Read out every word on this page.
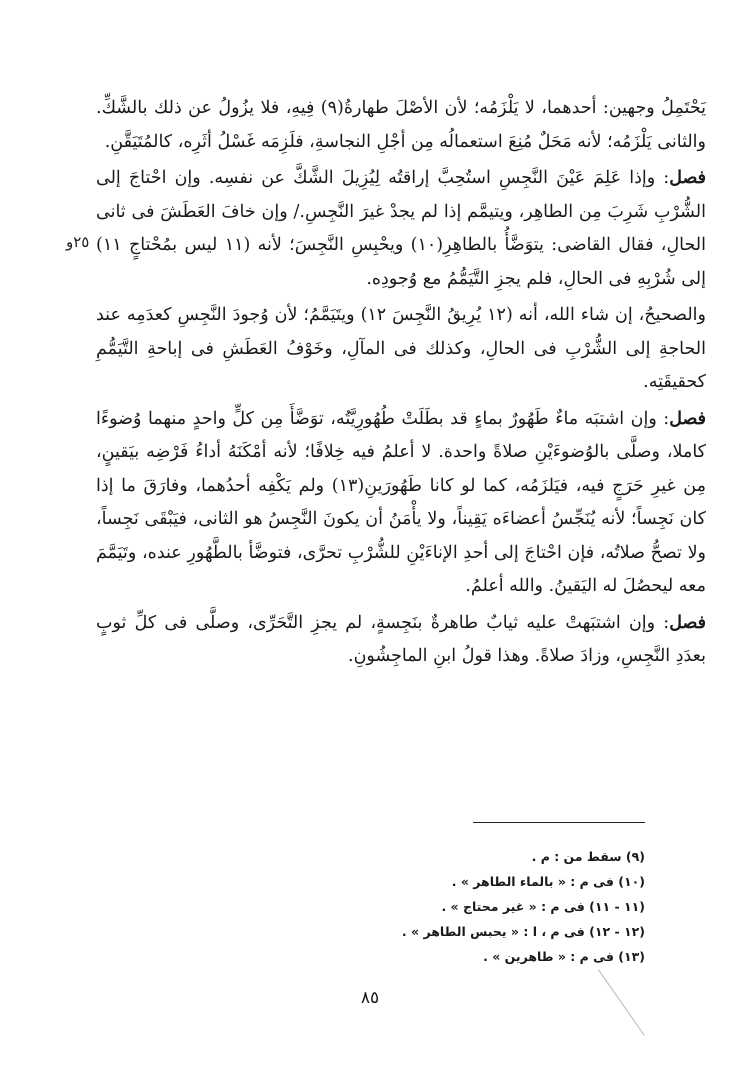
يَحْتَمِلُ وجهين: أحدهما، لا يَلْزَمُه؛ لأن الأصْلَ طهارةُ(٩) فِيهِ، فلا يزُولُ عن ذلك بالشَّكِّ. والثانى يَلْزَمُه؛ لأنه مَحَلٌ مُنِعَ استعمالُه مِن أجْلِ النجاسةِ، فلَزِمَه غَسْلُ أثَرِه، كالمُتَيَقَّنِ.

فصل: وإذا عَلِمَ عَيْنَ النَّجِسِ استُحِبَّ إراقتُه لِيُزِيلَ الشَّكَّ عن نفسِه. وإن احْتاجَ إلى الشُّرْبِ شَرِبَ مِن الطاهِر، ويتيمَّم إذا لم يجدْ غيرَ النَّجِسِ./ وإن خافَ العَطَشَ فى ثانى الحالِ، فقال القاضى: يتوَضَّأُ بالطاهِرِ(١٠) ويحْبِسِ النَّجِسَ؛ لأنه (١١ ليس بمُحْتاجٍ ١١) إلى شُرْبِهِ فى الحالِ، فلم يجزِ التَّيَمُّمُ مع وُجودِه.

والصحيحُ، إن شاء الله، أنه (١٢ يُرِيقُ النَّجِسَ ١٢) ويتَيَمَّمُ؛ لأن وُجودَ النَّجِسِ كعدَمِه عند الحاجةِ إلى الشُّرْبِ فى الحالِ، وكذلك فى المآلِ، وخَوْفُ العَطَشِ فى إباحةِ التَّيَمُّمِ كحقيقَتِه.

فصل: وإن اشتبَه ماءٌ طَهُورٌ بماءٍ قد بطَلَتْ طُهُورِيَّتُه، توَضَّأَ مِن كلٍّ واحدٍ منهما وُضوءًا كاملا، وصلَّى بالوُضوءَيْنِ صلاةً واحدة. لا أعلمُ فيه خِلافًا؛ لأنه أمْكَنَهُ أداءُ فَرْضِه بيَقينٍ، مِن غيرِ حَرَجٍ فيه، فيَلزَمُه، كما لو كانا طَهُورَينِ(١٣) ولم يَكْفِه أحدُهما، وفارَقَ ما إذا كان نَجِساً؛ لأنه يُنَجِّسُ أعضاءَه يَقِيناً، ولا يأْمَنُ أن يكونَ النَّجِسُ هو الثانى، فيَبْقَى نَجِساً، ولا تصحُّ صلاتُه، فإن احْتاجَ إلى أحدِ الإناءَيْنِ للشُّرْبِ تحرَّى، فتوضَّأ بالطَّهُورِ عنده، وتَيَمَّمَ معه ليحصُلَ له اليَقينُ. والله أعلمُ.

فصل: وإن اشتبَهتْ عليه ثيابٌ طاهرةٌ بنَجِسةٍ، لم يجزِ التَّحَرِّى، وصلَّى فى كلِّ ثوبٍ بعدَدِ النَّجِسِ، وزادَ صلاةً. وهذا قولُ ابنِ الماجِشُونِ.

٢٥و
(٩) سقط من : م .
(١٠) فى م : « بالماء الطاهر » .
(١١ - ١١) فى م : « غير محتاج » .
(١٢ - ١٢) فى م ، ا : « يحبس الطاهر » .
(١٣) فى م : « طاهرين » .
٨٥
